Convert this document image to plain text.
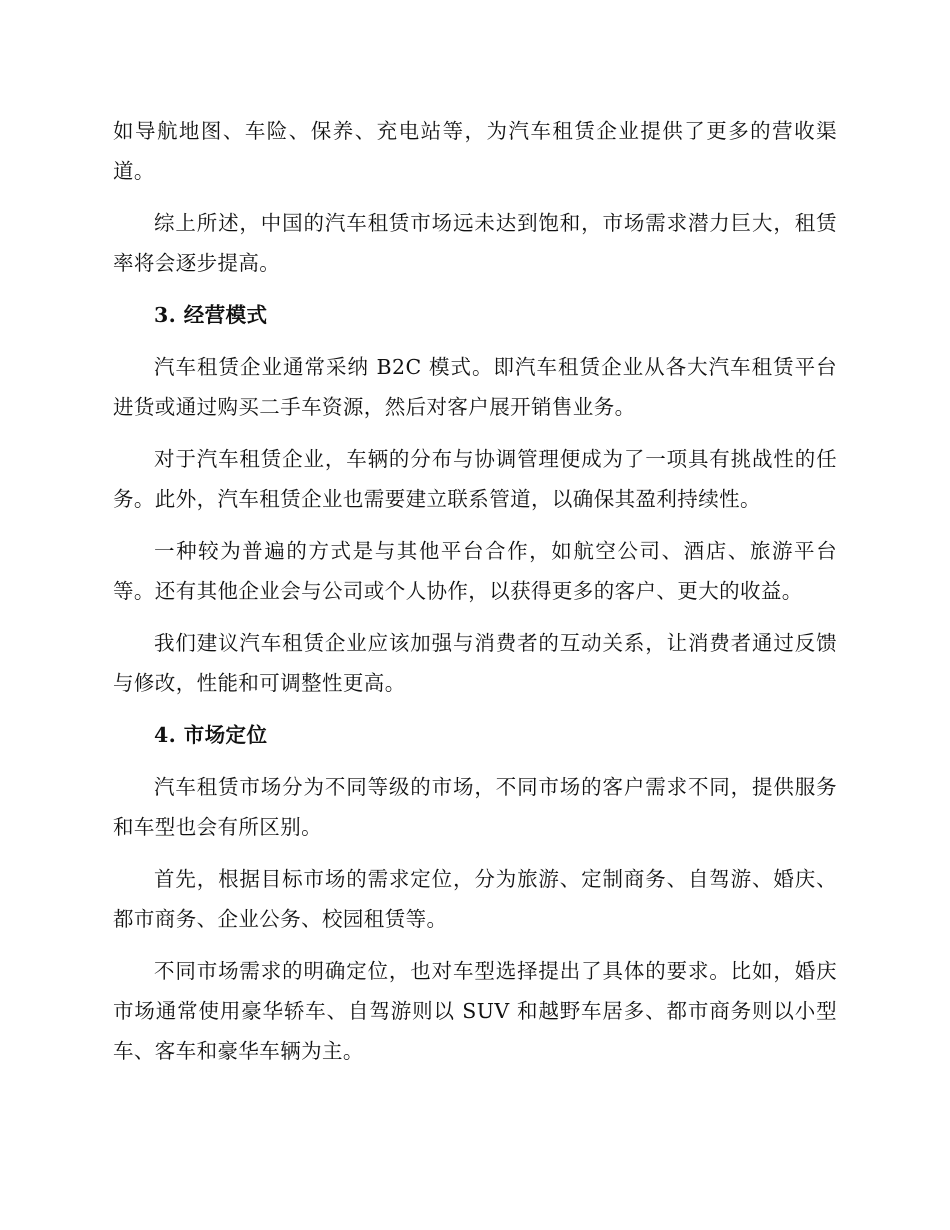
如导航地图、车险、保养、充电站等，为汽车租赁企业提供了更多的营收渠道。

综上所述，中国的汽车租赁市场远未达到饱和，市场需求潜力巨大，租赁率将会逐步提高。

3. 经营模式

汽车租赁企业通常采纳 B2C 模式。即汽车租赁企业从各大汽车租赁平台进货或通过购买二手车资源，然后对客户展开销售业务。

对于汽车租赁企业，车辆的分布与协调管理便成为了一项具有挑战性的任务。此外，汽车租赁企业也需要建立联系管道，以确保其盈利持续性。

一种较为普遍的方式是与其他平台合作，如航空公司、酒店、旅游平台等。还有其他企业会与公司或个人协作，以获得更多的客户、更大的收益。

我们建议汽车租赁企业应该加强与消费者的互动关系，让消费者通过反馈与修改，性能和可调整性更高。

4. 市场定位

汽车租赁市场分为不同等级的市场，不同市场的客户需求不同，提供服务和车型也会有所区别。

首先，根据目标市场的需求定位，分为旅游、定制商务、自驾游、婚庆、都市商务、企业公务、校园租赁等。

不同市场需求的明确定位，也对车型选择提出了具体的要求。比如，婚庆市场通常使用豪华轿车、自驾游则以 SUV 和越野车居多、都市商务则以小型车、客车和豪华车辆为主。
